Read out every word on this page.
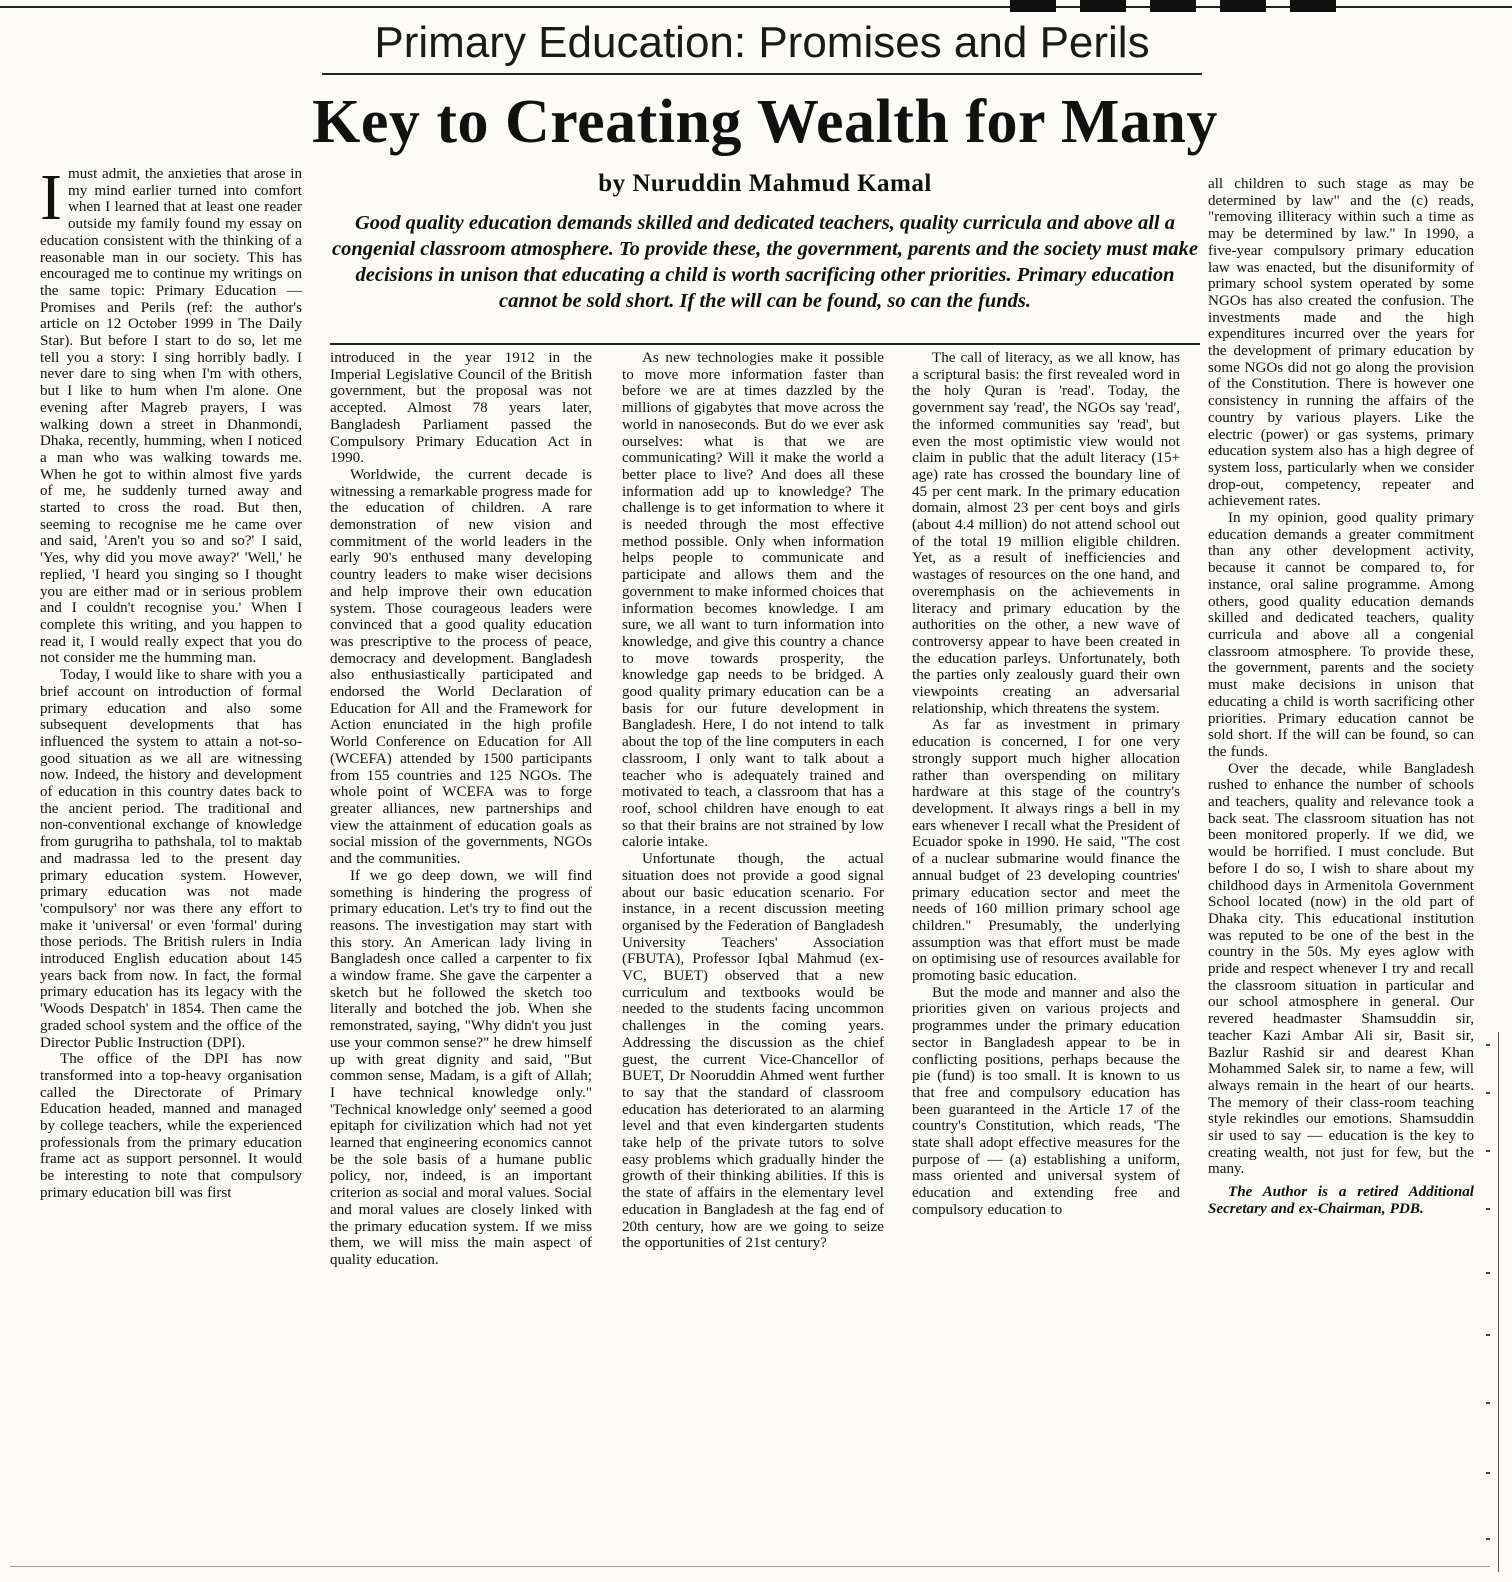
Primary Education: Promises and Perils
Key to Creating Wealth for Many
by Nuruddin Mahmud Kamal
Good quality education demands skilled and dedicated teachers, quality curricula and above all a congenial classroom atmosphere. To provide these, the government, parents and the society must make decisions in unison that educating a child is worth sacrificing other priorities. Primary education cannot be sold short. If the will can be found, so can the funds.

Imust admit, the anxieties that arose in my mind earlier turned into comfort when I learned that at least one reader outside my family found my essay on education consistent with the thinking of a reasonable man in our society. This has encouraged me to continue my writings on the same topic: Primary Education — Promises and Perils (ref: the author's article on 12 October 1999 in The Daily Star). But before I start to do so, let me tell you a story: I sing horribly badly. I never dare to sing when I'm with others, but I like to hum when I'm alone. One evening after Magreb prayers, I was walking down a street in Dhanmondi, Dhaka, recently, humming, when I noticed a man who was walking towards me. When he got to within almost five yards of me, he suddenly turned away and started to cross the road. But then, seeming to recognise me he came over and said, 'Aren't you so and so?' I said, 'Yes, why did you move away?' 'Well,' he replied, 'I heard you singing so I thought you are either mad or in serious problem and I couldn't recognise you.' When I complete this writing, and you happen to read it, I would really expect that you do not consider me the humming man.

Today, I would like to share with you a brief account on introduction of formal primary education and also some subsequent developments that has influenced the system to attain a not-so-good situation as we all are witnessing now. Indeed, the history and development of education in this country dates back to the ancient period. The traditional and non-conventional exchange of knowledge from gurugriha to pathshala, tol to maktab and madrassa led to the present day primary education system. However, primary education was not made 'compulsory' nor was there any effort to make it 'universal' or even 'formal' during those periods. The British rulers in India introduced English education about 145 years back from now. In fact, the formal primary education has its legacy with the 'Woods Despatch' in 1854. Then came the graded school system and the office of the Director Public Instruction (DPI).

The office of the DPI has now transformed into a top-heavy organisation called the Directorate of Primary Education headed, manned and managed by college teachers, while the experienced professionals from the primary education frame act as support personnel. It would be interesting to note that compulsory primary education bill was first

introduced in the year 1912 in the Imperial Legislative Council of the British government, but the proposal was not accepted. Almost 78 years later, Bangladesh Parliament passed the Compulsory Primary Education Act in 1990.

Worldwide, the current decade is witnessing a remarkable progress made for the education of children. A rare demonstration of new vision and commitment of the world leaders in the early 90's enthused many developing country leaders to make wiser decisions and help improve their own education system. Those courageous leaders were convinced that a good quality education was prescriptive to the process of peace, democracy and development. Bangladesh also enthusiastically participated and endorsed the World Declaration of Education for All and the Framework for Action enunciated in the high profile World Conference on Education for All (WCEFA) attended by 1500 participants from 155 countries and 125 NGOs. The whole point of WCEFA was to forge greater alliances, new partnerships and view the attainment of education goals as social mission of the governments, NGOs and the communities.

If we go deep down, we will find something is hindering the progress of primary education. Let's try to find out the reasons. The investigation may start with this story. An American lady living in Bangladesh once called a carpenter to fix a window frame. She gave the carpenter a sketch but he followed the sketch too literally and botched the job. When she remonstrated, saying, "Why didn't you just use your common sense?" he drew himself up with great dignity and said, "But common sense, Madam, is a gift of Allah; I have technical knowledge only." 'Technical knowledge only' seemed a good epitaph for civilization which had not yet learned that engineering economics cannot be the sole basis of a humane public policy, nor, indeed, is an important criterion as social and moral values. Social and moral values are closely linked with the primary education system. If we miss them, we will miss the main aspect of quality education.

As new technologies make it possible to move more information faster than before we are at times dazzled by the millions of gigabytes that move across the world in nanoseconds. But do we ever ask ourselves: what is that we are communicating? Will it make the world a better place to live? And does all these information add up to knowledge? The challenge is to get information to where it is needed through the most effective method possible. Only when information helps people to communicate and participate and allows them and the government to make informed choices that information becomes knowledge. I am sure, we all want to turn information into knowledge, and give this country a chance to move towards prosperity, the knowledge gap needs to be bridged. A good quality primary education can be a basis for our future development in Bangladesh. Here, I do not intend to talk about the top of the line computers in each classroom, I only want to talk about a teacher who is adequately trained and motivated to teach, a classroom that has a roof, school children have enough to eat so that their brains are not strained by low calorie intake.

Unfortunate though, the actual situation does not provide a good signal about our basic education scenario. For instance, in a recent discussion meeting organised by the Federation of Bangladesh University Teachers' Association (FBUTA), Professor Iqbal Mahmud (ex-VC, BUET) observed that a new curriculum and textbooks would be needed to the students facing uncommon challenges in the coming years. Addressing the discussion as the chief guest, the current Vice-Chancellor of BUET, Dr Nooruddin Ahmed went further to say that the standard of classroom education has deteriorated to an alarming level and that even kindergarten students take help of the private tutors to solve easy problems which gradually hinder the growth of their thinking abilities. If this is the state of affairs in the elementary level education in Bangladesh at the fag end of 20th century, how are we going to seize the opportunities of 21st century?

The call of literacy, as we all know, has a scriptural basis: the first revealed word in the holy Quran is 'read'. Today, the government say 'read', the NGOs say 'read', the informed communities say 'read', but even the most optimistic view would not claim in public that the adult literacy (15+ age) rate has crossed the boundary line of 45 per cent mark. In the primary education domain, almost 23 per cent boys and girls (about 4.4 million) do not attend school out of the total 19 million eligible children. Yet, as a result of inefficiencies and wastages of resources on the one hand, and overemphasis on the achievements in literacy and primary education by the authorities on the other, a new wave of controversy appear to have been created in the education parleys. Unfortunately, both the parties only zealously guard their own viewpoints creating an adversarial relationship, which threatens the system.

As far as investment in primary education is concerned, I for one very strongly support much higher allocation rather than overspending on military hardware at this stage of the country's development. It always rings a bell in my ears whenever I recall what the President of Ecuador spoke in 1990. He said, "The cost of a nuclear submarine would finance the annual budget of 23 developing countries' primary education sector and meet the needs of 160 million primary school age children." Presumably, the underlying assumption was that effort must be made on optimising use of resources available for promoting basic education.

But the mode and manner and also the priorities given on various projects and programmes under the primary education sector in Bangladesh appear to be in conflicting positions, perhaps because the pie (fund) is too small. It is known to us that free and compulsory education has been guaranteed in the Article 17 of the country's Constitution, which reads, 'The state shall adopt effective measures for the purpose of — (a) establishing a uniform, mass oriented and universal system of education and extending free and compulsory education to

all children to such stage as may be determined by law" and the (c) reads, "removing illiteracy within such a time as may be determined by law." In 1990, a five-year compulsory primary education law was enacted, but the disuniformity of primary school system operated by some NGOs has also created the confusion. The investments made and the high expenditures incurred over the years for the development of primary education by some NGOs did not go along the provision of the Constitution. There is however one consistency in running the affairs of the country by various players. Like the electric (power) or gas systems, primary education system also has a high degree of system loss, particularly when we consider drop-out, competency, repeater and achievement rates.

In my opinion, good quality primary education demands a greater commitment than any other development activity, because it cannot be compared to, for instance, oral saline programme. Among others, good quality education demands skilled and dedicated teachers, quality curricula and above all a congenial classroom atmosphere. To provide these, the government, parents and the society must make decisions in unison that educating a child is worth sacrificing other priorities. Primary education cannot be sold short. If the will can be found, so can the funds.

Over the decade, while Bangladesh rushed to enhance the number of schools and teachers, quality and relevance took a back seat. The classroom situation has not been monitored properly. If we did, we would be horrified. I must conclude. But before I do so, I wish to share about my childhood days in Armenitola Government School located (now) in the old part of Dhaka city. This educational institution was reputed to be one of the best in the country in the 50s. My eyes aglow with pride and respect whenever I try and recall the classroom situation in particular and our school atmosphere in general. Our revered headmaster Shamsuddin sir, teacher Kazi Ambar Ali sir, Basit sir, Bazlur Rashid sir and dearest Khan Mohammed Salek sir, to name a few, will always remain in the heart of our hearts. The memory of their class-room teaching style rekindles our emotions. Shamsuddin sir used to say — education is the key to creating wealth, not just for few, but the many.

The Author is a retired Additional Secretary and ex-Chairman, PDB.
